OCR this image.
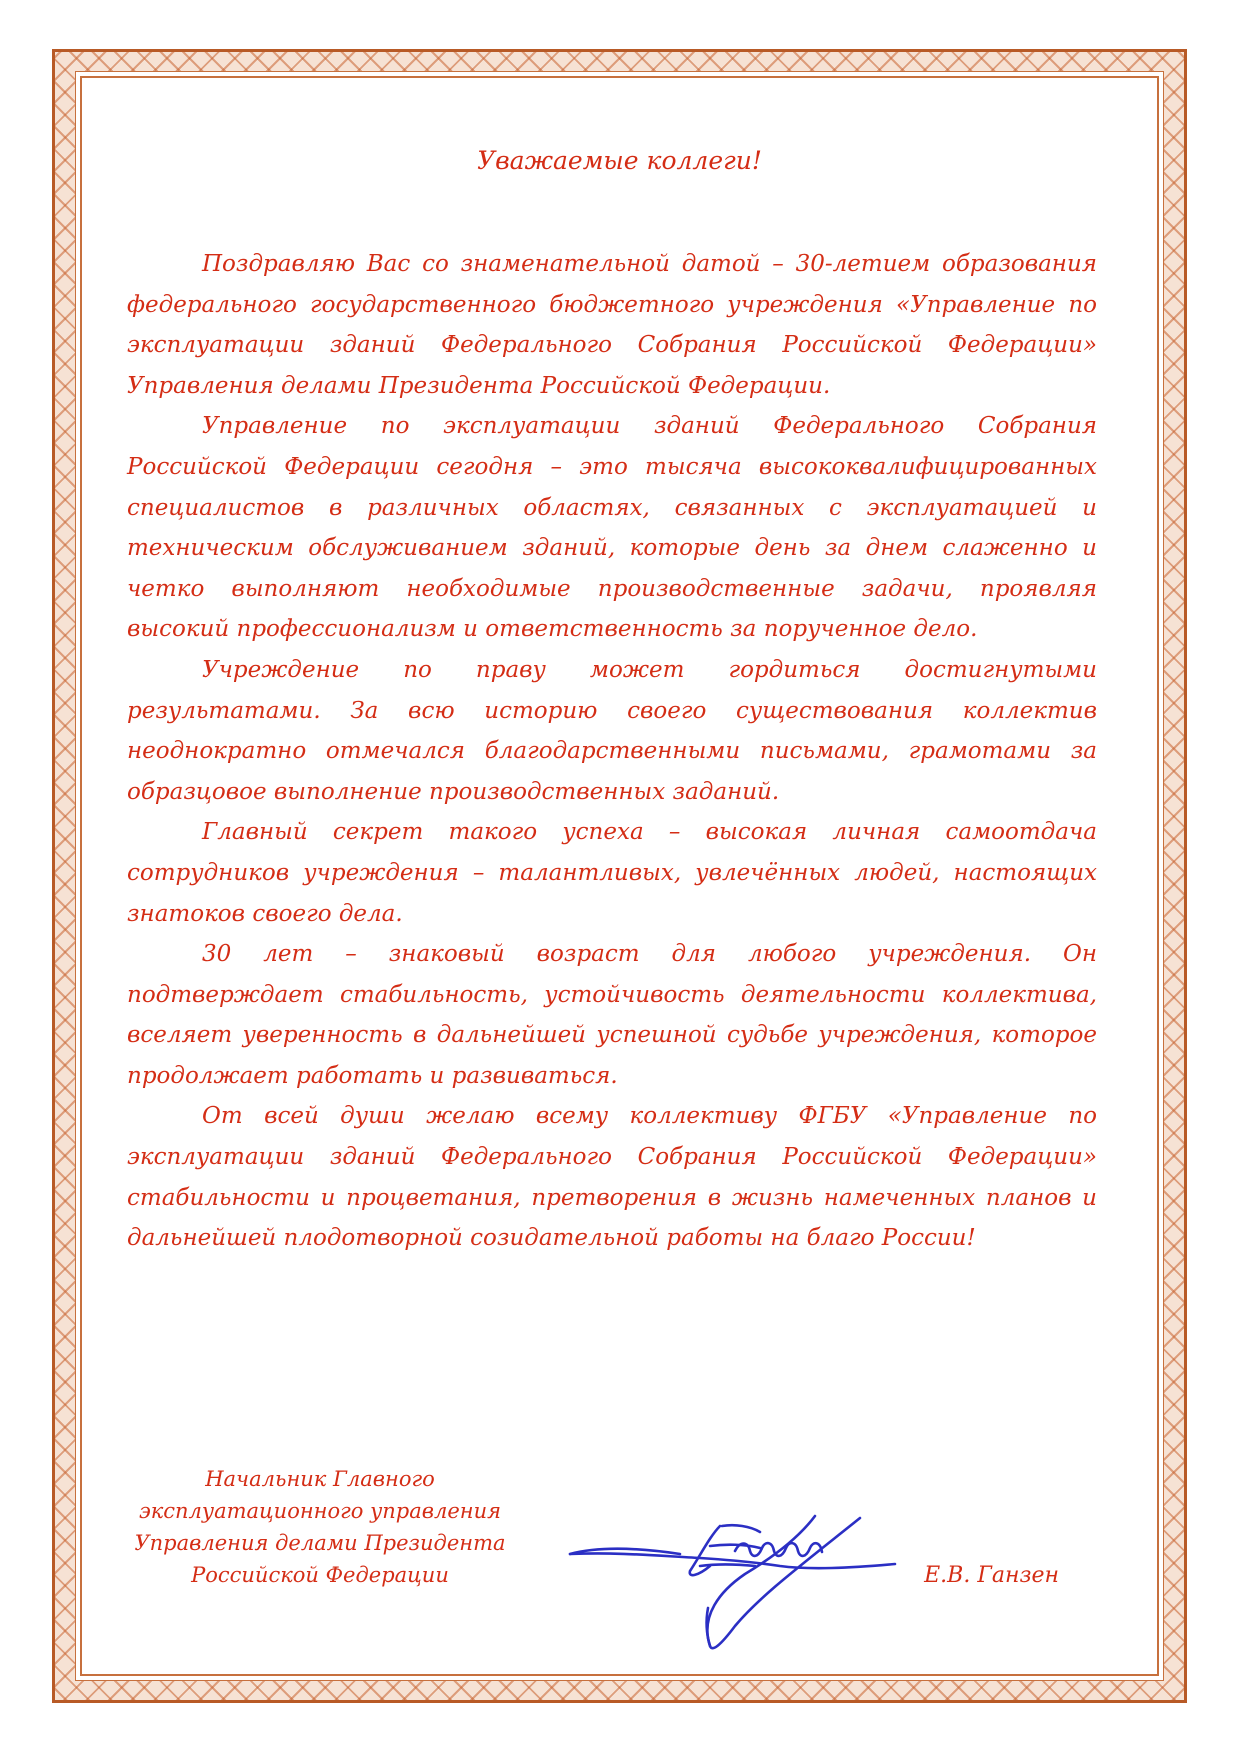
Уважаемые коллеги!

Поздравляю Вас со знаменательной датой – 30-летием образования федерального государственного бюджетного учреждения «Управление по эксплуатации зданий Федерального Собрания Российской Федерации» Управления делами Президента Российской Федерации.

Управление по эксплуатации зданий Федерального Собрания Российской Федерации сегодня – это тысяча высококвалифицированных специалистов в различных областях, связанных с эксплуатацией и техническим обслуживанием зданий, которые день за днем слаженно и четко выполняют необходимые производственные задачи, проявляя высокий профессионализм и ответственность за порученное дело.

Учреждение по праву может гордиться достигнутыми результатами. За всю историю своего существования коллектив неоднократно отмечался благодарственными письмами, грамотами за образцовое выполнение производственных заданий.

Главный секрет такого успеха – высокая личная самоотдача сотрудников учреждения – талантливых, увлечённых людей, настоящих знатоков своего дела.

30 лет – знаковый возраст для любого учреждения. Он подтверждает стабильность, устойчивость деятельности коллектива, вселяет уверенность в дальнейшей успешной судьбе учреждения, которое продолжает работать и развиваться.

От всей души желаю всему коллективу ФГБУ «Управление по эксплуатации зданий Федерального Собрания Российской Федерации» стабильности и процветания, претворения в жизнь намеченных планов и дальнейшей плодотворной созидательной работы на благо России!

Начальник Главного
эксплуатационного управления
Управления делами Президента
Российской Федерации	Е.В. Ганзен
